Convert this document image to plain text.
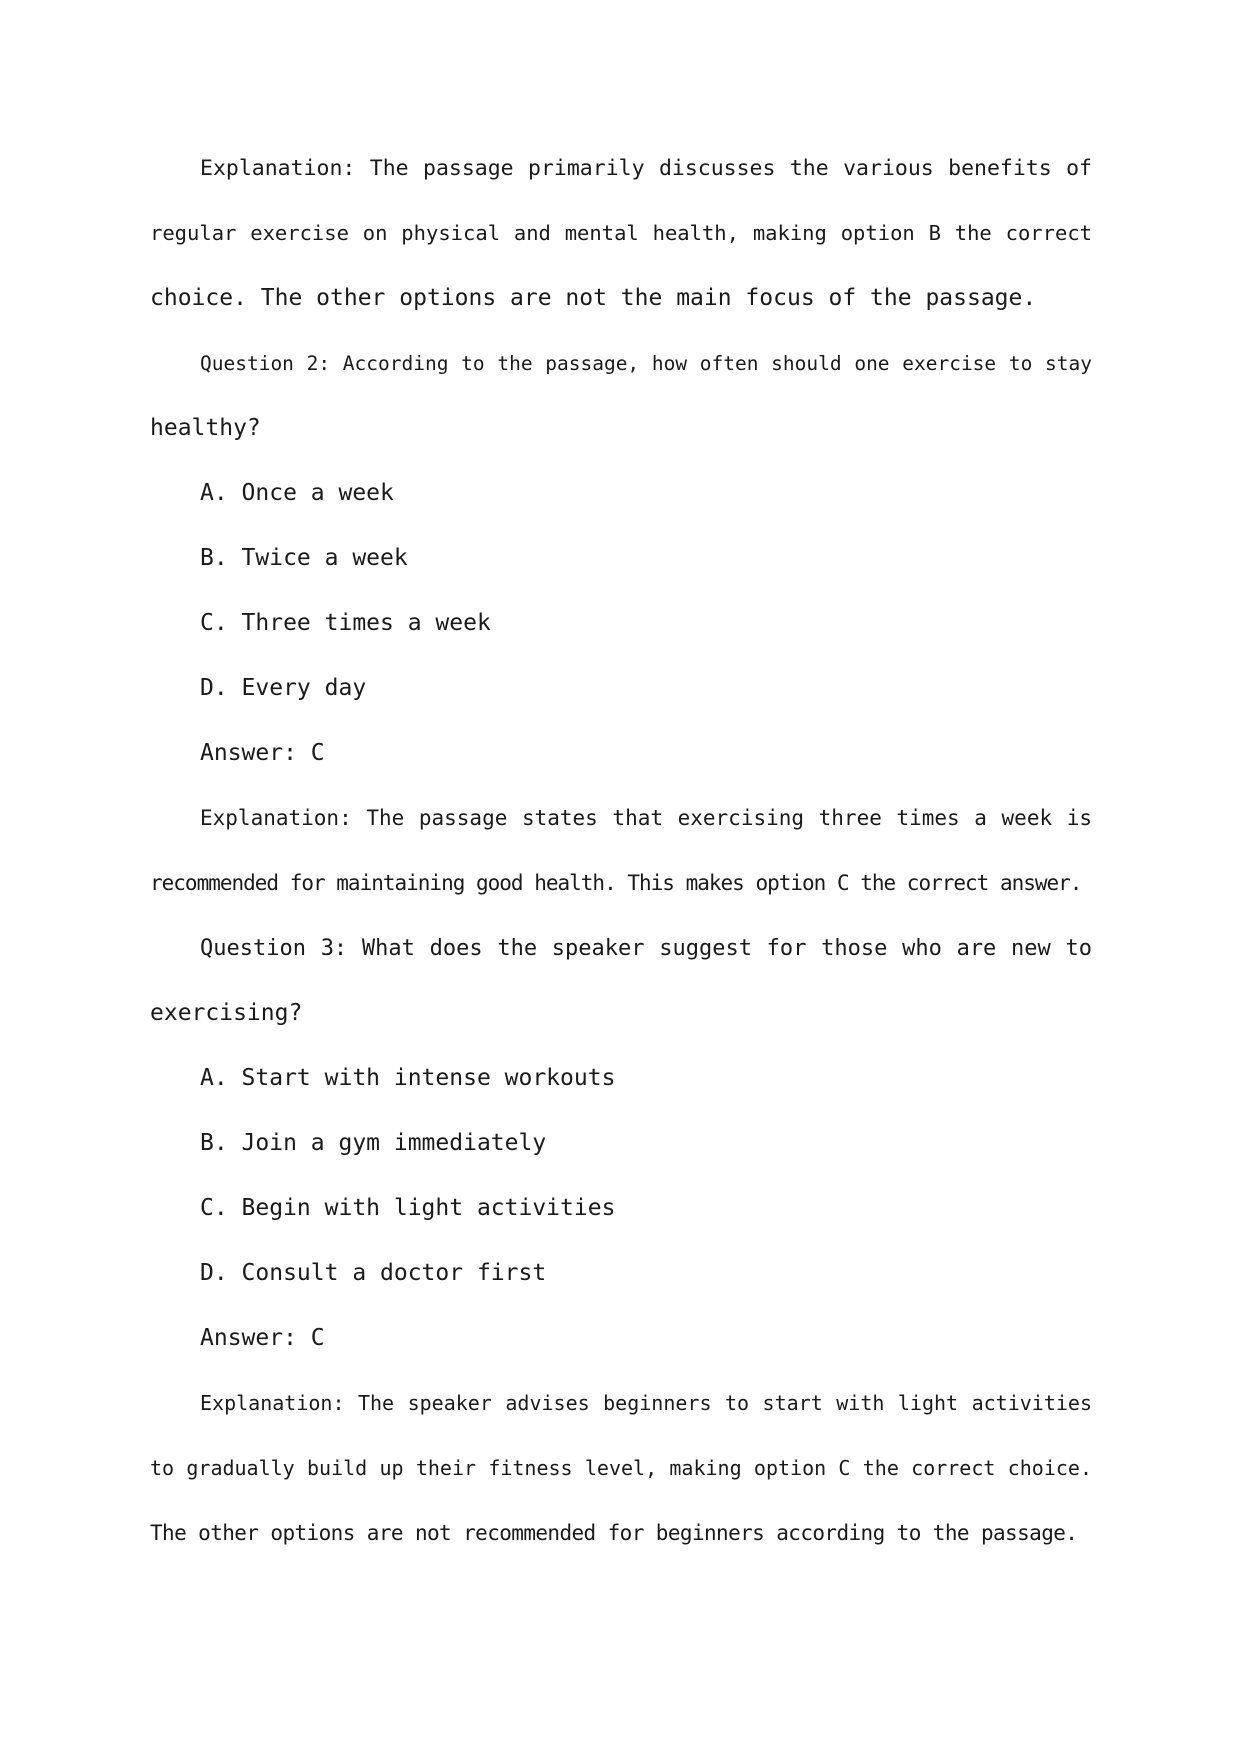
Explanation: The passage primarily discusses the various benefits of
regular exercise on physical and mental health, making option B the correct
choice. The other options are not the main focus of the passage.
Question 2: According to the passage, how often should one exercise to stay
healthy?
A. Once a week
B. Twice a week
C. Three times a week
D. Every day
Answer: C
Explanation: The passage states that exercising three times a week is
recommended for maintaining good health. This makes option C the correct answer.
Question 3: What does the speaker suggest for those who are new to
exercising?
A. Start with intense workouts
B. Join a gym immediately
C. Begin with light activities
D. Consult a doctor first
Answer: C
Explanation: The speaker advises beginners to start with light activities
to gradually build up their fitness level, making option C the correct choice.
The other options are not recommended for beginners according to the passage.
